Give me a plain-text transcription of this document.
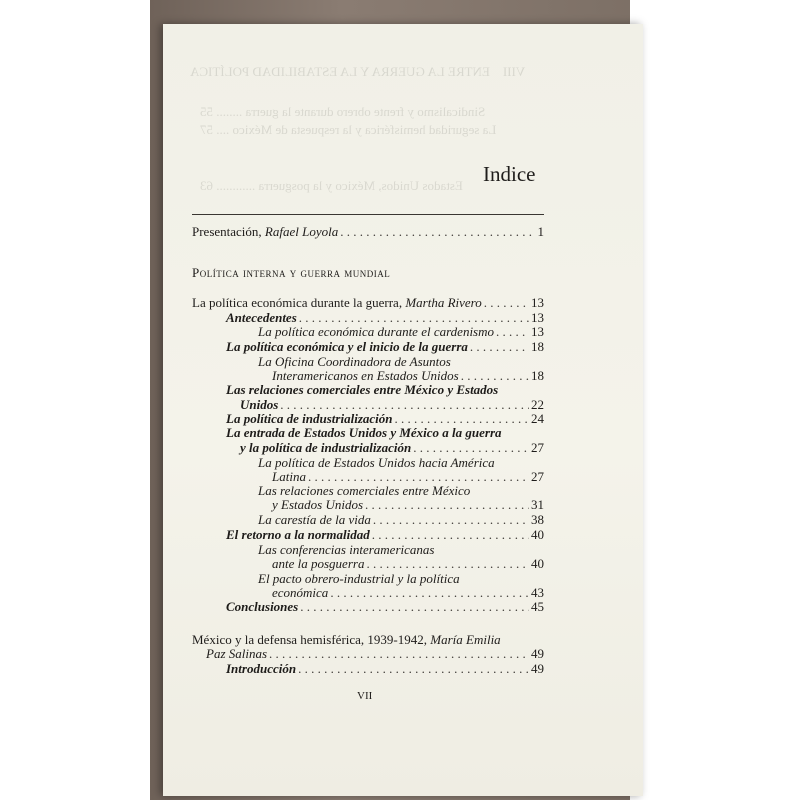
VIII    ENTRE LA GUERRA Y LA ESTABILIDAD POLÍTICA
Sindicalismo y frente obrero durante la guerra ........ 55
La seguridad hemisférica y la respuesta de México .... 57
Estados Unidos, México y la posguerra ............ 63 Indice
Presentación,
Rafael Loyola . . .	1
Política interna y guerra mundial
La política económica durante la guerra,
Martha Rivero . . .	13
Antecedentes . . .	13
La política económica durante el cardenismo . . .	13
La política económica y el inicio de la guerra . . .	18
La Oficina Coordinadora de Asuntos
Interamericanos en Estados Unidos . . .	18
Las relaciones comerciales entre México y Estados
Unidos . . .	22
La política de industrialización . . .	24
La entrada de Estados Unidos y México a la guerra
y la política de industrialización . . .	27
La política de Estados Unidos hacia América
Latina . . .	27
Las relaciones comerciales entre México
y Estados Unidos . . .	31
La carestía de la vida . . .	38
El retorno a la normalidad . . .	40
Las conferencias interamericanas
ante la posguerra . . .	40
El pacto obrero-industrial y la política
económica . . .	43
Conclusiones . . .	45
México y la defensa hemisférica, 1939-1942, María Emilia
Paz Salinas . . .	49
Introducción . . .	49
VII
